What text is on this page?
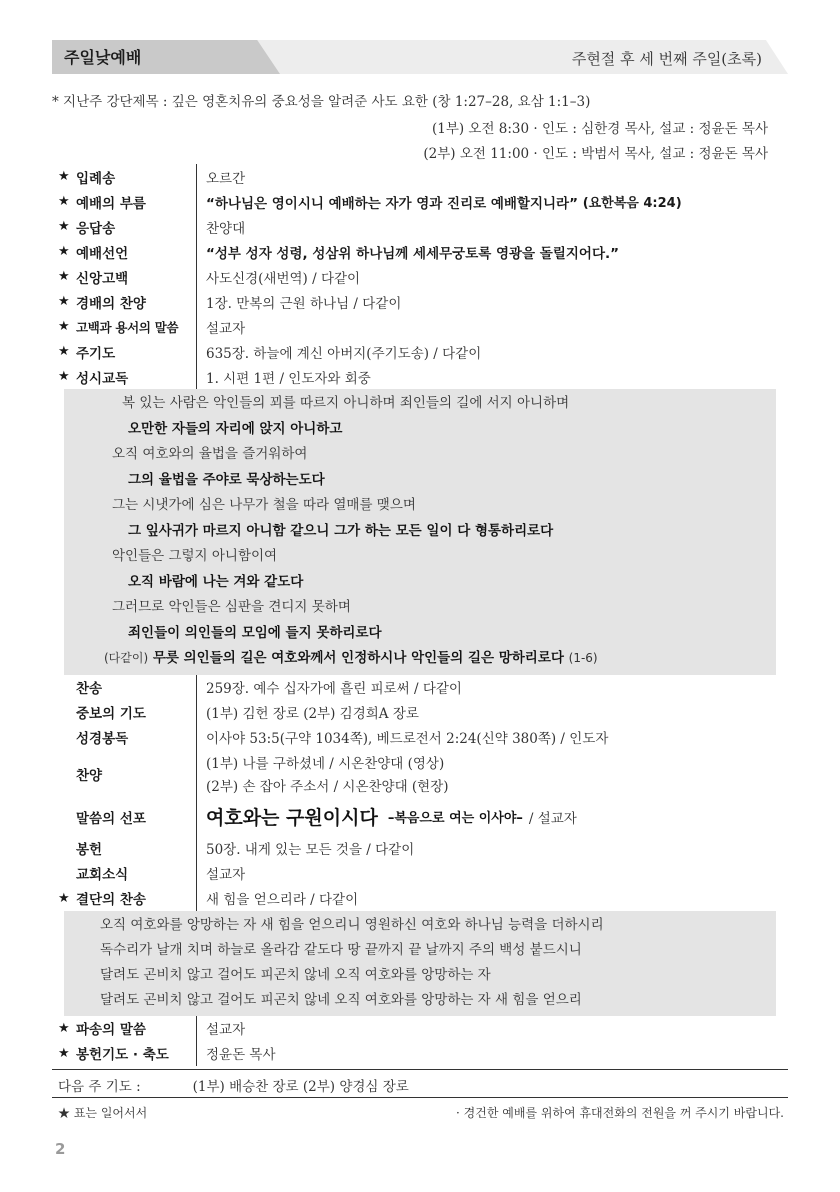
주일낮예배	주현절 후 세 번째 주일(초록)
* 지난주 강단제목 : 깊은 영혼치유의 중요성을 알려준 사도 요한 (창 1:27–28, 요삼 1:1–3)
(1부) 오전 8:30 · 인도 : 심한경 목사, 설교 : 정윤돈 목사
(2부) 오전 11:00 · 인도 : 박범서 목사, 설교 : 정윤돈 목사
★ 입례송	오르간
★ 예배의 부름	“하나님은 영이시니 예배하는 자가 영과 진리로 예배할지니라”
(요한복음 4:24)
★ 응답송	찬양대
★ 예배선언	“성부 성자 성령, 성삼위 하나님께 세세무궁토록 영광을 돌릴지어다.”
★ 신앙고백	사도신경(새번역) / 다같이
★ 경배의 찬양	1장. 만복의 근원 하나님 / 다같이
★ 고백과 용서의 말씀	설교자
★ 주기도	635장. 하늘에 계신 아버지(주기도송) / 다같이
★ 성시교독	1. 시편 1편 / 인도자와 회중
복 있는 사람은 악인들의 꾀를 따르지 아니하며 죄인들의 길에 서지 아니하며
오만한 자들의 자리에 앉지 아니하고
오직 여호와의 율법을 즐거워하여
그의 율법을 주야로 묵상하는도다
그는 시냇가에 심은 나무가 철을 따라 열매를 맺으며
그 잎사귀가 마르지 아니함 같으니 그가 하는 모든 일이 다 형통하리로다
악인들은 그렇지 아니함이여
오직 바람에 나는 겨와 같도다
그러므로 악인들은 심판을 견디지 못하며
죄인들이 의인들의 모임에 들지 못하리로다
(다같이) 무릇 의인들의 길은 여호와께서 인정하시나 악인들의 길은 망하리로다 (1-6)
찬송	259장. 예수 십자가에 흘린 피로써 / 다같이
중보의 기도	(1부) 김헌 장로 (2부) 김경희A 장로
성경봉독	이사야 53:5(구약 1034쪽), 베드로전서 2:24(신약 380쪽) / 인도자
찬양
(1부) 나를 구하셨네 / 시온찬양대 (영상)
(2부) 손 잡아 주소서 / 시온찬양대 (현장)
말씀의 선포	여호와는 구원이시다 –복음으로 여는 이사야– / 설교자
봉헌	50장. 내게 있는 모든 것을 / 다같이
교회소식	설교자
★ 결단의 찬송	새 힘을 얻으리라 / 다같이
오직 여호와를 앙망하는 자 새 힘을 얻으리니 영원하신 여호와 하나님 능력을 더하시리
독수리가 날개 치며 하늘로 올라감 같도다 땅 끝까지 끝 날까지 주의 백성 붙드시니
달려도 곤비치 않고 걸어도 피곤치 않네 오직 여호와를 앙망하는 자
달려도 곤비치 않고 걸어도 피곤치 않네 오직 여호와를 앙망하는 자 새 힘을 얻으리
★ 파송의 말씀	설교자
★ 봉헌기도 · 축도	정윤돈 목사
다음 주 기도 :	(1부) 배승찬 장로 (2부) 양경심 장로
★ 표는 일어서서	· 경건한 예배를 위하여 휴대전화의 전원을 꺼 주시기 바랍니다.
2
